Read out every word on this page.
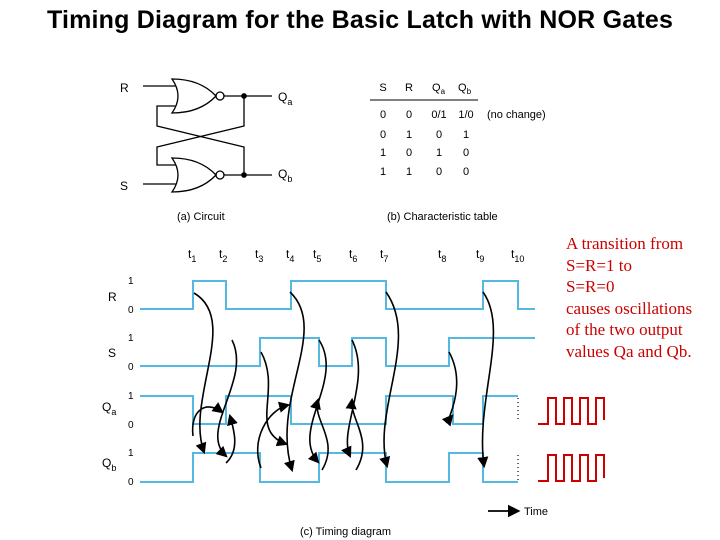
Timing Diagram for the Basic Latch with NOR Gates
R
S
$Q_a$
$Q_b$
(a) Circuit
S R $Q_a$ $Q_b$
0 0 0/1 1/0 (no change)
0 1 0 1
1 0 1 0
1 1 0 0
(b) Characteristic table
$t_1$ $t_2$ $t_3$ $t_4$ $t_5$ $t_6$ $t_7$	$t_8$ $t_9$ $t_{10}$
R
S
$Q_a$
$Q_b$
1
0
1
0
1
0
1
0
Time
(c) Timing diagram
A transition from
S=R=1 to
S=R=0
causes oscillations
of the two output
values Qa and Qb.
